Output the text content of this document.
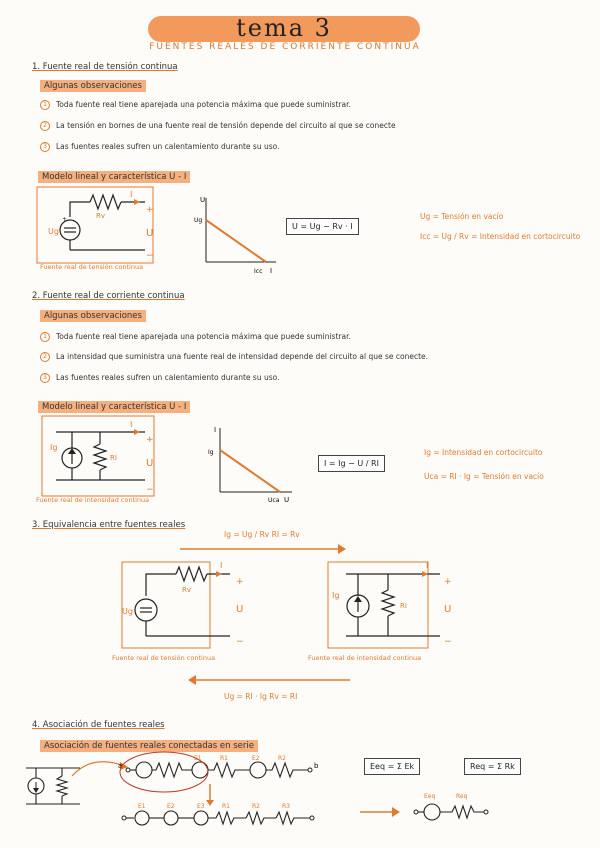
tema 3
FUENTES REALES DE CORRIENTE CONTINUA
1. Fuente real de tensión continua
Algunas observaciones
1 Toda fuente real tiene aparejada una potencia máxima que puede suministrar.
2 La tensión en bornes de una fuente real de tensión depende del circuito al que se conecte
3 Las fuentes reales sufren un calentamiento durante su uso.
Modelo lineal y característica U - I
I
Rv
Ug
+
+
−
U
U
Ug
Icc I
Fuente real de tensión continua
U = Ug − Rv · I
Ug = Tensión en vacío
Icc = Ug / Rv = Intensidad en cortocircuito
2. Fuente real de corriente continua
Algunas observaciones
1 Toda fuente real tiene aparejada una potencia máxima que puede suministrar.
2 La intensidad que suministra una fuente real de intensidad depende del circuito al que se conecte.
3 Las fuentes reales sufren un calentamiento durante su uso.
Modelo lineal y característica U - I
I
RI
Ig
+
−
U
I
Ig
Uca U
Fuente real de intensidad continua
I = Ig − U / RI
Ig = Intensidad en cortocircuito
Uca = RI · Ig = Tensión en vacío
3. Equivalencia entre fuentes reales
Ig = Ug / Rv RI = Rv
Ug = RI · Ig Rv = RI
I
Rv
Ug
+
−
U
I
RI
Ig
+
−
U
Fuente real de tensión continua	Fuente real de intensidad continua
4. Asociación de fuentes reales
Asociación de fuentes reales conectadas en serie
a	b
E1	R1	E2	R2
E1	E2	E3	R1	R2	R3
Eeq	Req
Eeq = Σ Ek	Req = Σ Rk
